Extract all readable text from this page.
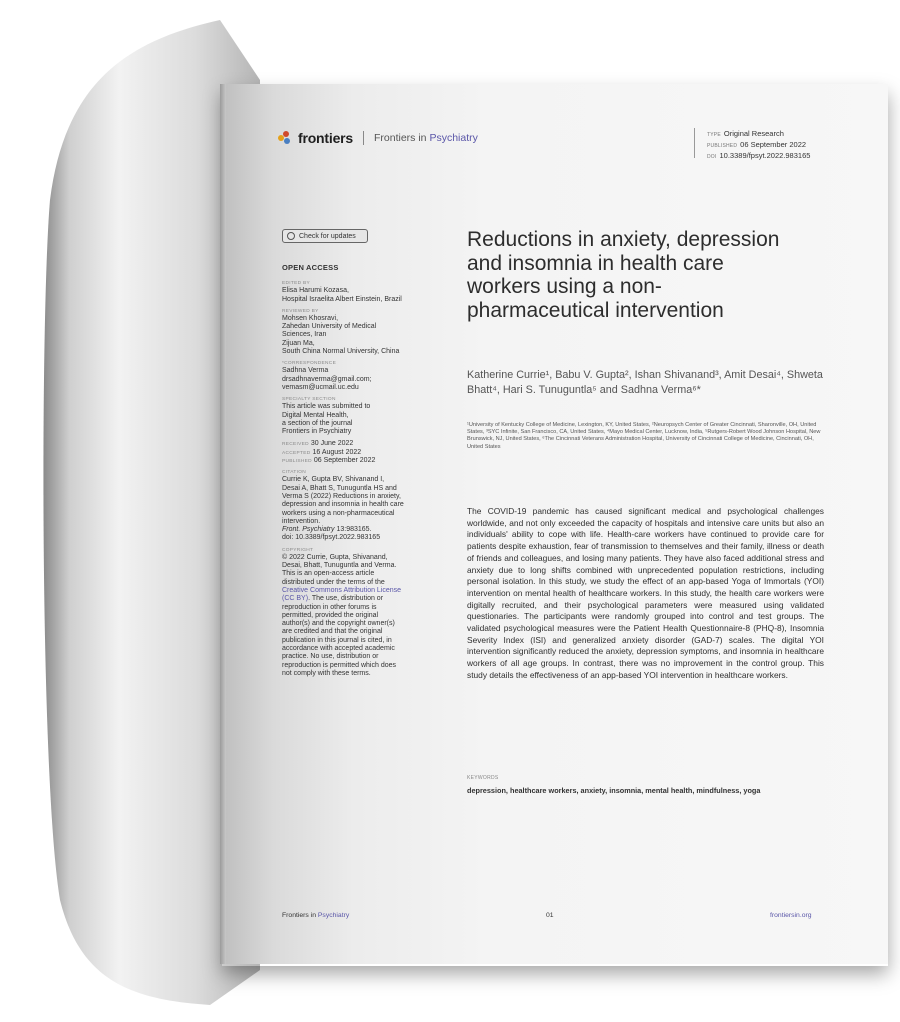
frontiers Frontiers in Psychiatry	TYPE Original Research
PUBLISHED 06 September 2022
DOI 10.3389/fpsyt.2022.983165
Check for updates
OPEN ACCESS
EDITED BY
Elisa Harumi Kozasa,
Hospital Israelita Albert Einstein, Brazil
REVIEWED BY
Mohsen Khosravi,
Zahedan University of Medical
Sciences, Iran
Zijuan Ma,
South China Normal University, China
*CORRESPONDENCE
Sadhna Verma
drsadhnaverma@gmail.com;
vemasm@ucmail.uc.edu
SPECIALTY SECTION
This article was submitted to
Digital Mental Health,
a section of the journal
Frontiers in Psychiatry
RECEIVED 30 June 2022
ACCEPTED 16 August 2022
PUBLISHED 06 September 2022
CITATION
Currie K, Gupta BV, Shivanand I,
Desai A, Bhatt S, Tunuguntla HS and
Verma S (2022) Reductions in anxiety,
depression and insomnia in health care
workers using a non-pharmaceutical
intervention.
Front. Psychiatry 13:983165.
doi: 10.3389/fpsyt.2022.983165
COPYRIGHT
© 2022 Currie, Gupta, Shivanand,
Desai, Bhatt, Tunuguntla and Verma.
This is an open-access article
distributed under the terms of the
Creative Commons Attribution License
(CC BY). The use, distribution or
reproduction in other forums is
permitted, provided the original
author(s) and the copyright owner(s)
are credited and that the original
publication in this journal is cited, in
accordance with accepted academic
practice. No use, distribution or
reproduction is permitted which does
not comply with these terms.
Reductions in anxiety, depression and insomnia in health care workers using a non-pharmaceutical intervention
Katherine Currie¹, Babu V. Gupta², Ishan Shivanand³, Amit Desai⁴, Shweta Bhatt⁴, Hari S. Tunuguntla⁵ and Sadhna Verma⁶*
¹University of Kentucky College of Medicine, Lexington, KY, United States, ²Neuropsych Center of Greater Cincinnati, Sharonville, OH, United States, ³SYC Infinite, San Francisco, CA, United States, ⁴Mayo Medical Center, Lucknow, India, ⁵Rutgers-Robert Wood Johnson Hospital, New Brunswick, NJ, United States, ⁶The Cincinnati Veterans Administration Hospital, University of Cincinnati College of Medicine, Cincinnati, OH, United States
The COVID-19 pandemic has caused significant medical and psychological challenges worldwide, and not only exceeded the capacity of hospitals and intensive care units but also an individuals' ability to cope with life. Health-care workers have continued to provide care for patients despite exhaustion, fear of transmission to themselves and their family, illness or death of friends and colleagues, and losing many patients. They have also faced additional stress and anxiety due to long shifts combined with unprecedented population restrictions, including personal isolation. In this study, we study the effect of an app-based Yoga of Immortals (YOI) intervention on mental health of healthcare workers. In this study, the health care workers were digitally recruited, and their psychological parameters were measured using validated questionaries. The participants were randomly grouped into control and test groups. The validated psychological measures were the Patient Health Questionnaire-8 (PHQ-8), Insomnia Severity Index (ISI) and generalized anxiety disorder (GAD-7) scales. The digital YOI intervention significantly reduced the anxiety, depression symptoms, and insomnia in healthcare workers of all age groups. In contrast, there was no improvement in the control group. This study details the effectiveness of an app-based YOI intervention in healthcare workers.
KEYWORDS
depression, healthcare workers, anxiety, insomnia, mental health, mindfulness, yoga
Frontiers in Psychiatry	01	frontiersin.org
